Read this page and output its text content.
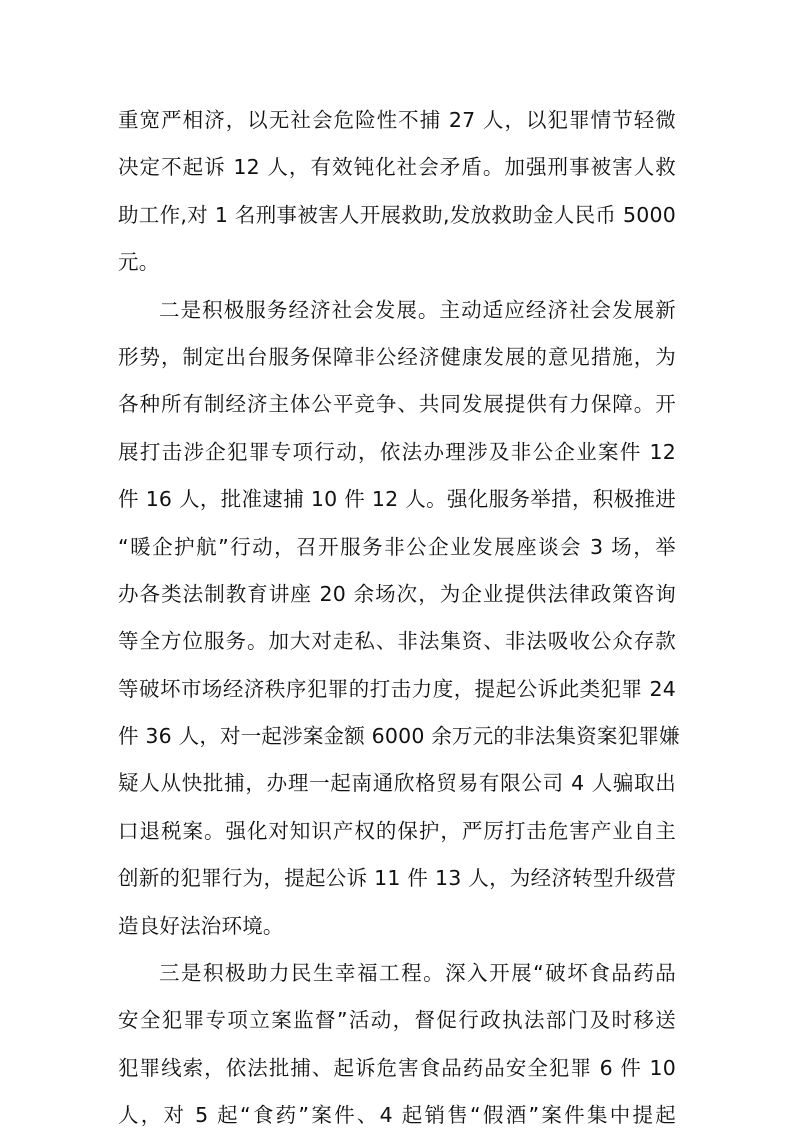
重宽严相济，以无社会危险性不捕 27 人，以犯罪情节轻微
决定不起诉 12 人，有效钝化社会矛盾。加强刑事被害人救
助工作,对 1 名刑事被害人开展救助,发放救助金人民币 5000
元。
二是积极服务经济社会发展。主动适应经济社会发展新
形势，制定出台服务保障非公经济健康发展的意见措施，为
各种所有制经济主体公平竞争、共同发展提供有力保障。开
展打击涉企犯罪专项行动，依法办理涉及非公企业案件 12
件 16 人，批准逮捕 10 件 12 人。强化服务举措，积极推进
“暖企护航”行动，召开服务非公企业发展座谈会 3 场，举
办各类法制教育讲座 20 余场次，为企业提供法律政策咨询
等全方位服务。加大对走私、非法集资、非法吸收公众存款
等破坏市场经济秩序犯罪的打击力度，提起公诉此类犯罪 24
件 36 人，对一起涉案金额 6000 余万元的非法集资案犯罪嫌
疑人从快批捕，办理一起南通欣格贸易有限公司 4 人骗取出
口退税案。强化对知识产权的保护，严厉打击危害产业自主
创新的犯罪行为，提起公诉 11 件 13 人，为经济转型升级营
造良好法治环境。
三是积极助力民生幸福工程。深入开展“破坏食品药品
安全犯罪专项立案监督”活动，督促行政执法部门及时移送
犯罪线索，依法批捕、起诉危害食品药品安全犯罪 6 件 10
人，对 5 起“食药”案件、4 起销售“假酒”案件集中提起
